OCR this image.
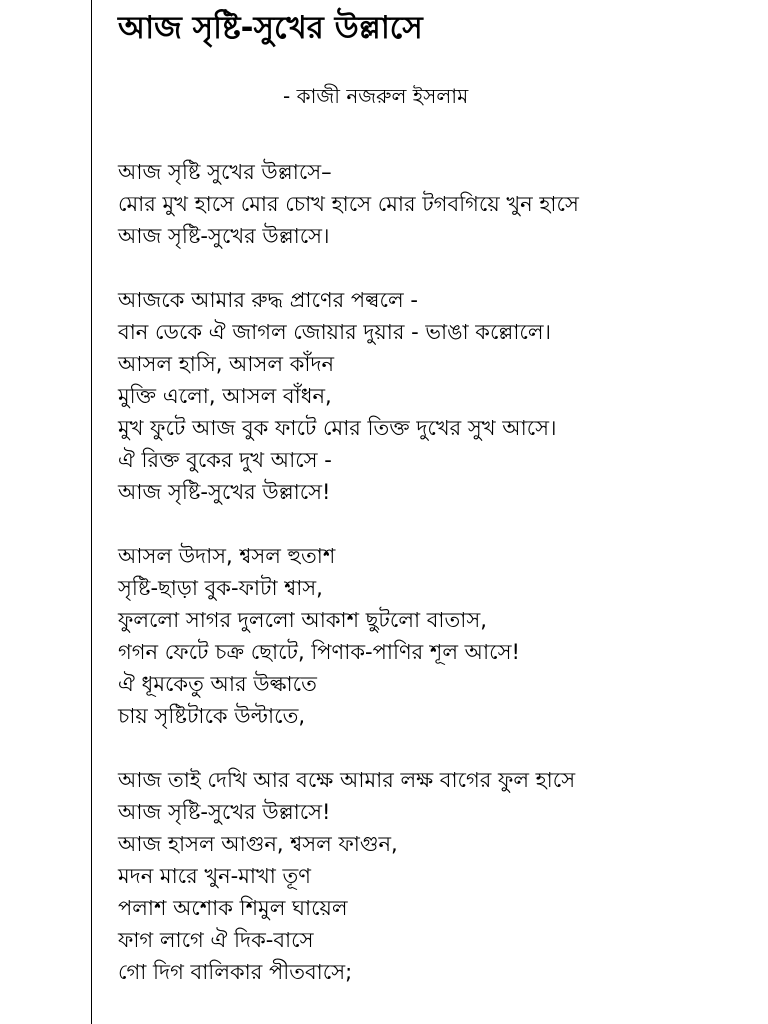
আজ সৃষ্টি-সুখের উল্লাসে
- কাজী নজরুল ইসলাম
আজ সৃষ্টি সুখের উল্লাসে–
মোর মুখ হাসে মোর চোখ হাসে মোর টগবগিয়ে খুন হাসে
আজ সৃষ্টি-সুখের উল্লাসে।
আজকে আমার রুদ্ধ প্রাণের পল্বলে -
বান ডেকে ঐ জাগল জোয়ার দুয়ার - ভাঙা কল্লোলে।
আসল হাসি, আসল কাঁদন
মুক্তি এলো, আসল বাঁধন,
মুখ ফুটে আজ বুক ফাটে মোর তিক্ত দুখের সুখ আসে।
ঐ রিক্ত বুকের দুখ আসে -
আজ সৃষ্টি-সুখের উল্লাসে!
আসল উদাস, শ্বসল হুতাশ
সৃষ্টি-ছাড়া বুক-ফাটা শ্বাস,
ফুললো সাগর দুললো আকাশ ছুটলো বাতাস,
গগন ফেটে চক্র ছোটে, পিণাক-পাণির শূল আসে!
ঐ ধূমকেতু আর উল্কাতে
চায় সৃষ্টিটাকে উল্টাতে,
আজ তাই দেখি আর বক্ষে আমার লক্ষ বাগের ফুল হাসে
আজ সৃষ্টি-সুখের উল্লাসে!
আজ হাসল আগুন, শ্বসল ফাগুন,
মদন মারে খুন-মাখা তূণ
পলাশ অশোক শিমুল ঘায়েল
ফাগ লাগে ঐ দিক-বাসে
গো দিগ বালিকার পীতবাসে;
